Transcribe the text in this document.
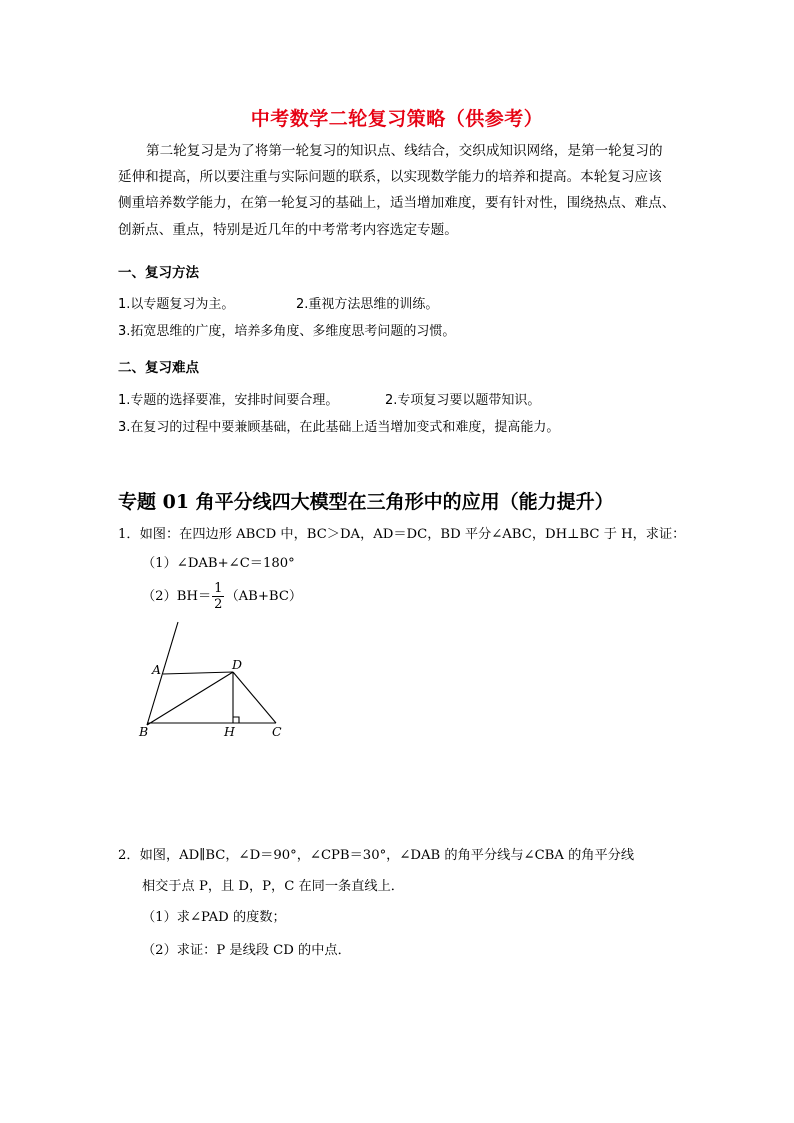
中考数学二轮复习策略（供参考）

第二轮复习是为了将第一轮复习的知识点、线结合，交织成知识网络，是第一轮复习的

延伸和提高，所以要注重与实际问题的联系，以实现数学能力的培养和提高。本轮复习应该

侧重培养数学能力，在第一轮复习的基础上，适当增加难度，要有针对性，围绕热点、难点、

创新点、重点，特别是近几年的中考常考内容选定专题。

一、复习方法

1.以专题复习为主。	2.重视方法思维的训练。

3.拓宽思维的广度，培养多角度、多维度思考问题的习惯。

二、复习难点

1.专题的选择要准，安排时间要合理。	2.专项复习要以题带知识。

3.在复习的过程中要兼顾基础，在此基础上适当增加变式和难度，提高能力。

专题 01 角平分线四大模型在三角形中的应用（能力提升）

1．如图：在四边形 ABCD 中，BC＞DA，AD＝DC，BD 平分∠ABC，DH⊥BC 于 H，求证：

（1）∠DAB+∠C＝180°

$(2)BH= \frac{1}{2} (AB+BC)$

A	D
B	H	C

2．如图，AD∥BC，∠D＝90°，∠CPB＝30°，∠DAB 的角平分线与∠CBA 的角平分线

相交于点 P，且 D，P，C 在同一条直线上．

（1）求∠PAD 的度数；

（2）求证：P 是线段 CD 的中点．
